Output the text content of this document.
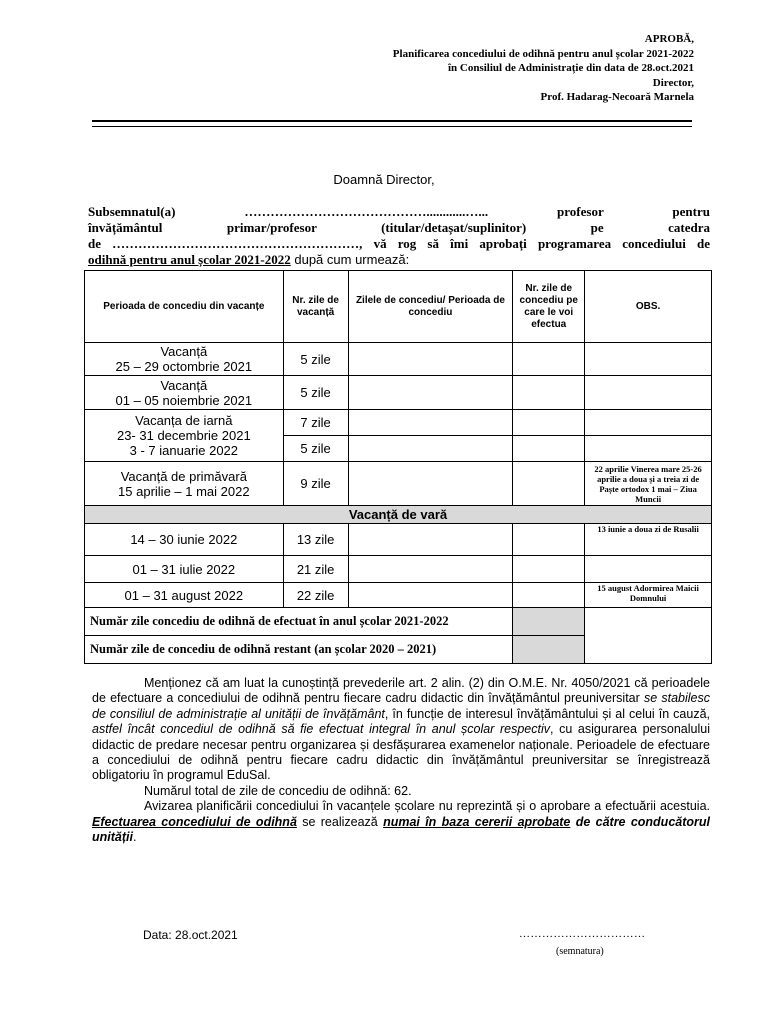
APROBĂ,
Planificarea concediului de odihnă pentru anul școlar 2021-2022
în Consiliul de Administrație din data de 28.oct.2021
Director,
Prof. Hadarag-Necoară Marnela
Doamnă Director,
Subsemnatul(a) ……………………………………............…... profesor pentru
învățământul primar/profesor (titular/detașat/suplinitor) pe catedra
de …………………………………………………, vă rog să îmi aprobați programarea concediului de
odihnă pentru anul școlar 2021-2022 după cum urmează:
Perioada de concediu din vacanțe	Nr. zile de vacanță	Zilele de concediu/ Perioada de concediu	Nr. zile de concediu pe care le voi efectua	OBS.

Vacanță
25 – 29 octombrie 2021	5 zile			

Vacanță
01 – 05 noiembrie 2021	5 zile			

Vacanța de iarnă
23- 31 decembrie 2021
3 - 7 ianuarie 2022	7 zile			
	5 zile			

Vacanță de primăvară
15 aprilie – 1 mai 2022	9 zile			22 aprilie Vinerea mare 25-26 aprilie a doua și a treia zi de Paște ortodox 1 mai – Ziua Muncii
Vacanță de vară				
14 – 30 iunie 2022	13 zile			13 iunie a doua zi de Rusalii
01 – 31 iulie 2022	21 zile			
01 – 31 august 2022	22 zile			15 august Adormirea Maicii Domnului
Număr zile concediu de odihnă de efectuat în anul școlar 2021-2022				
Număr zile de concediu de odihnă restant (an școlar 2020 – 2021)				

Menționez că am luat la cunoștință prevederile art. 2 alin. (2) din O.M.E. Nr. 4050/2021 că perioadele de efectuare a concediului de odihnă pentru fiecare cadru didactic din învățământul preuniversitar se stabilesc de consiliul de administrație al unității de învățământ, în funcție de interesul învățământului și al celui în cauză, astfel încât concediul de odihnă să fie efectuat integral în anul școlar respectiv, cu asigurarea personalului didactic de predare necesar pentru organizarea și desfășurarea examenelor naționale. Perioadele de efectuare a concediului de odihnă pentru fiecare cadru didactic din învățământul preuniversitar se înregistrează obligatoriu în programul EduSal.

Numărul total de zile de concediu de odihnă: 62.

Avizarea planificării concediului în vacanțele școlare nu reprezintă și o aprobare a efectuării acestuia. Efectuarea concediului de odihnă se realizează numai în baza cererii aprobate de către conducătorul unității.

Data: 28.oct.2021	……………………………
(semnatura)
